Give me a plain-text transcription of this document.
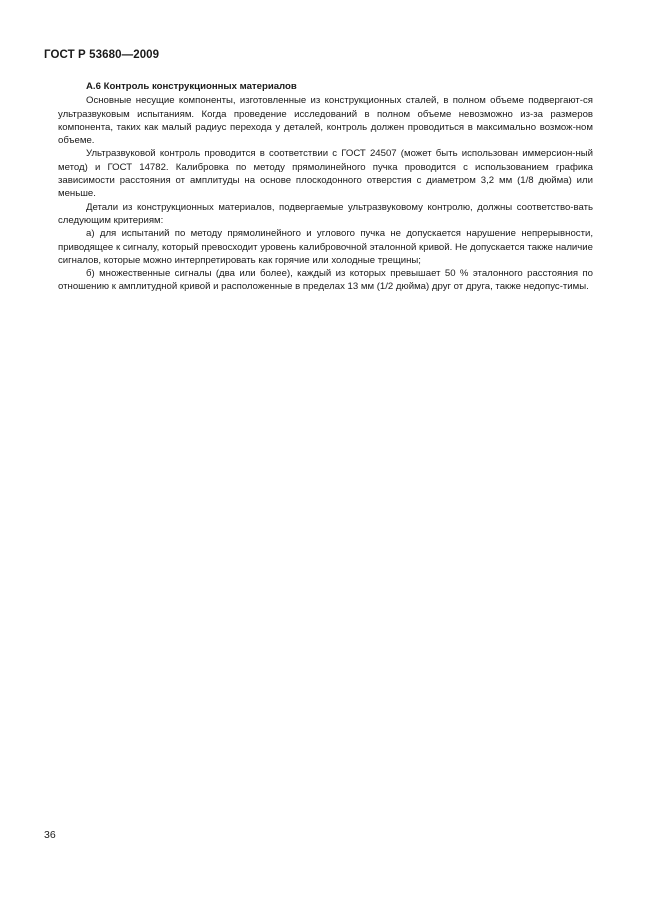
ГОСТ Р 53680—2009

А.6 Контроль конструкционных материалов

Основные несущие компоненты, изготовленные из конструкционных сталей, в полном объеме подвергают-ся ультразвуковым испытаниям. Когда проведение исследований в полном объеме невозможно из-за размеров компонента, таких как малый радиус перехода у деталей, контроль должен проводиться в максимально возмож-ном объеме.

Ультразвуковой контроль проводится в соответствии с ГОСТ 24507 (может быть использован иммерсион-ный метод) и ГОСТ 14782. Калибровка по методу прямолинейного пучка проводится с использованием графика зависимости расстояния от амплитуды на основе плоскодонного отверстия с диаметром 3,2 мм (1/8 дюйма) или меньше.

Детали из конструкционных материалов, подвергаемые ультразвуковому контролю, должны соответство-вать следующим критериям:

а) для испытаний по методу прямолинейного и углового пучка не допускается нарушение непрерывности, приводящее к сигналу, который превосходит уровень калибровочной эталонной кривой. Не допускается также наличие сигналов, которые можно интерпретировать как горячие или холодные трещины;

б) множественные сигналы (два или более), каждый из которых превышает 50 % эталонного расстояния по отношению к амплитудной кривой и расположенные в пределах 13 мм (1/2 дюйма) друг от друга, также недопус-тимы.

36
